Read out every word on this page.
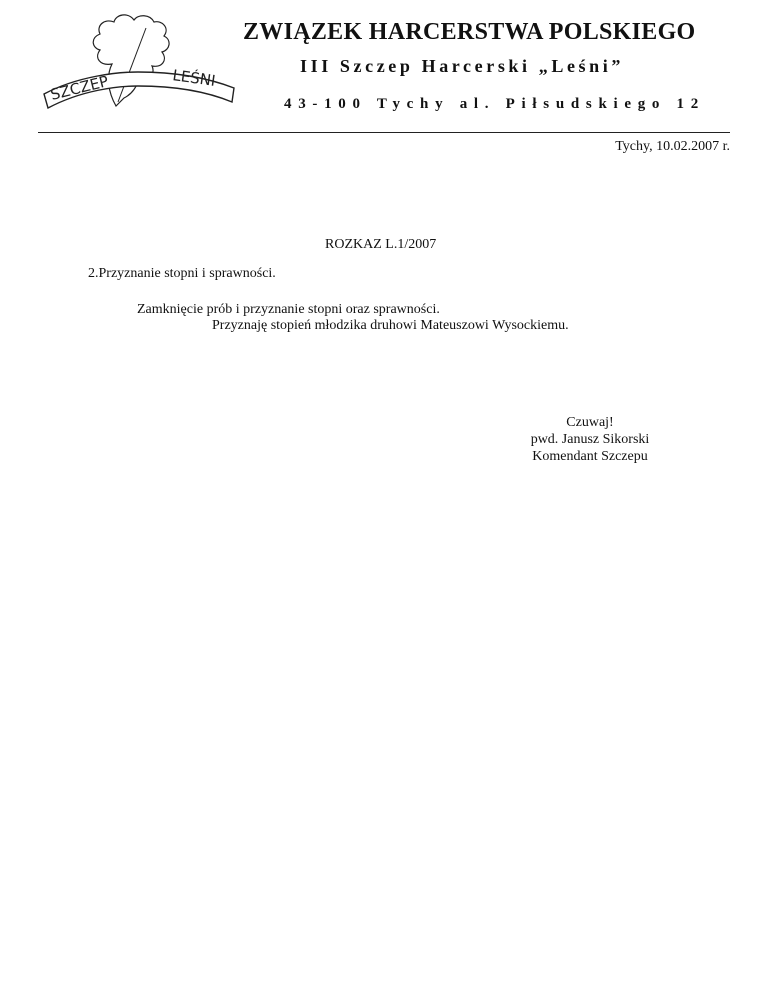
SZCZEP	LEŚNI
ZWIĄZEK HARCERSTWA POLSKIEGO
III Szczep Harcerski „Leśni”
43-100 Tychy al. Piłsudskiego 12
Tychy, 10.02.2007 r.
ROZKAZ L.1/2007
2.Przyznanie stopni i sprawności.
Zamknięcie prób i przyznanie stopni oraz sprawności.
Przyznaję stopień młodzika druhowi Mateuszowi Wysockiemu.
Czuwaj!
pwd. Janusz Sikorski
Komendant Szczepu
